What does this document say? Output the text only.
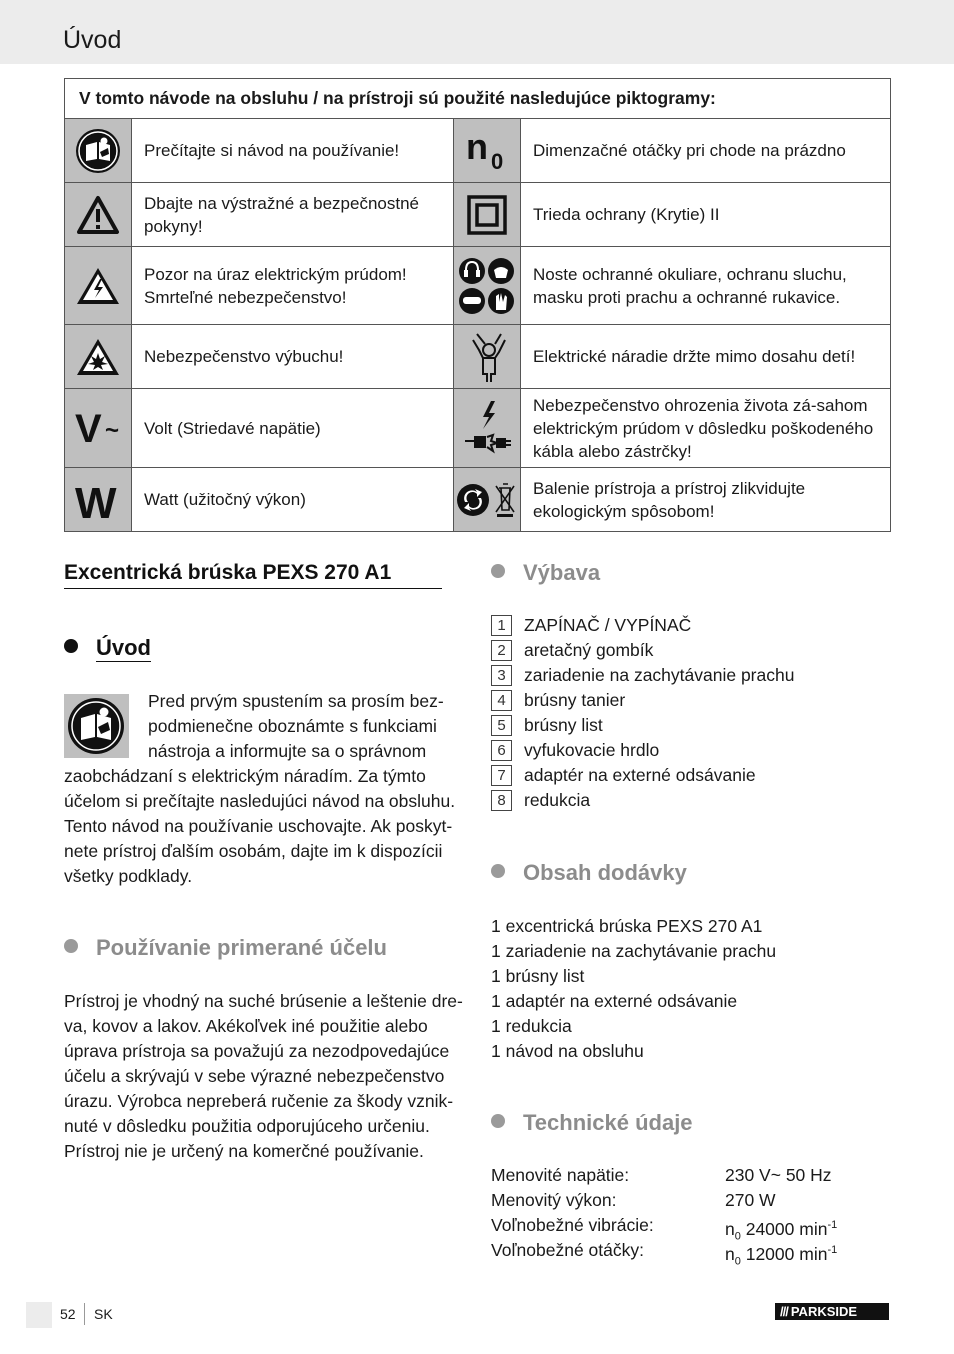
Úvod
V tomto návode na obsluhu / na prístroji sú použité nasledujúce piktogramy:			

	Prečítajte si návod na používanie!	n 0	Dimenzačné otáčky pri chode na prázdno

	Dbajte na výstražné a bezpečnostné pokyny!		Trieda ochrany (Krytie) II

	Pozor na úraz elektrickým prúdom! Smrteľné nebezpečenstvo!		Noste ochranné okuliare, ochranu sluchu, masku proti prachu a ochranné rukavice.

	Nebezpečenstvo výbuchu!		Elektrické náradie držte mimo dosahu detí!

V ~	Volt (Striedavé napätie)		Nebezpečenstvo ohrozenia života zá-sahom elektrickým prúdom v dôsledku poškodeného kábla alebo zástrčky!

W	Watt (užitočný výkon)		Balenie prístroja a prístroj zlikvidujte ekologickým spôsobom!
Excentrická brúska PEXS 270 A1
Úvod
Pred prvým spustením sa prosím bez-
podmienečne oboznámte s funkciami
nástroja a informujte sa o správnom
zaobchádzaní s elektrickým náradím. Za týmto
účelom si prečítajte nasledujúci návod na obsluhu.
Tento návod na používanie uschovajte. Ak poskyt-
nete prístroj ďalším osobám, dajte im k dispozícii
všetky podklady.
Používanie primerané účelu
Prístroj je vhodný na suché brúsenie a leštenie dre-
va, kovov a lakov. Akékoľvek iné použitie alebo
úprava prístroja sa považujú za nezodpovedajúce
účelu a skrývajú v sebe výrazné nebezpečenstvo
úrazu. Výrobca nepreberá ručenie za škody vznik-
nuté v dôsledku použitia odporujúceho určeniu.
Prístroj nie je určený na komerčné používanie.
Výbava
1	ZAPÍNAČ / VYPÍNAČ
2	aretačný gombík
3	zariadenie na zachytávanie prachu
4	brúsny tanier
5	brúsny list
6	vyfukovacie hrdlo
7	adaptér na externé odsávanie
8	redukcia
Obsah dodávky
1 excentrická brúska PEXS 270 A1
1 zariadenie na zachytávanie prachu
1 brúsny list
1 adaptér na externé odsávanie
1 redukcia
1 návod na obsluhu
Technické údaje
Menovité napätie:	230 V~ 50 Hz
Menovitý výkon:	270 W
Voľnobežné vibrácie:	$n_0$ 24000 $\min^{-1}$
Voľnobežné otáčky:	$n_0$ 12000 $\min^{-1}$
52 SK	/// PARKSIDE
